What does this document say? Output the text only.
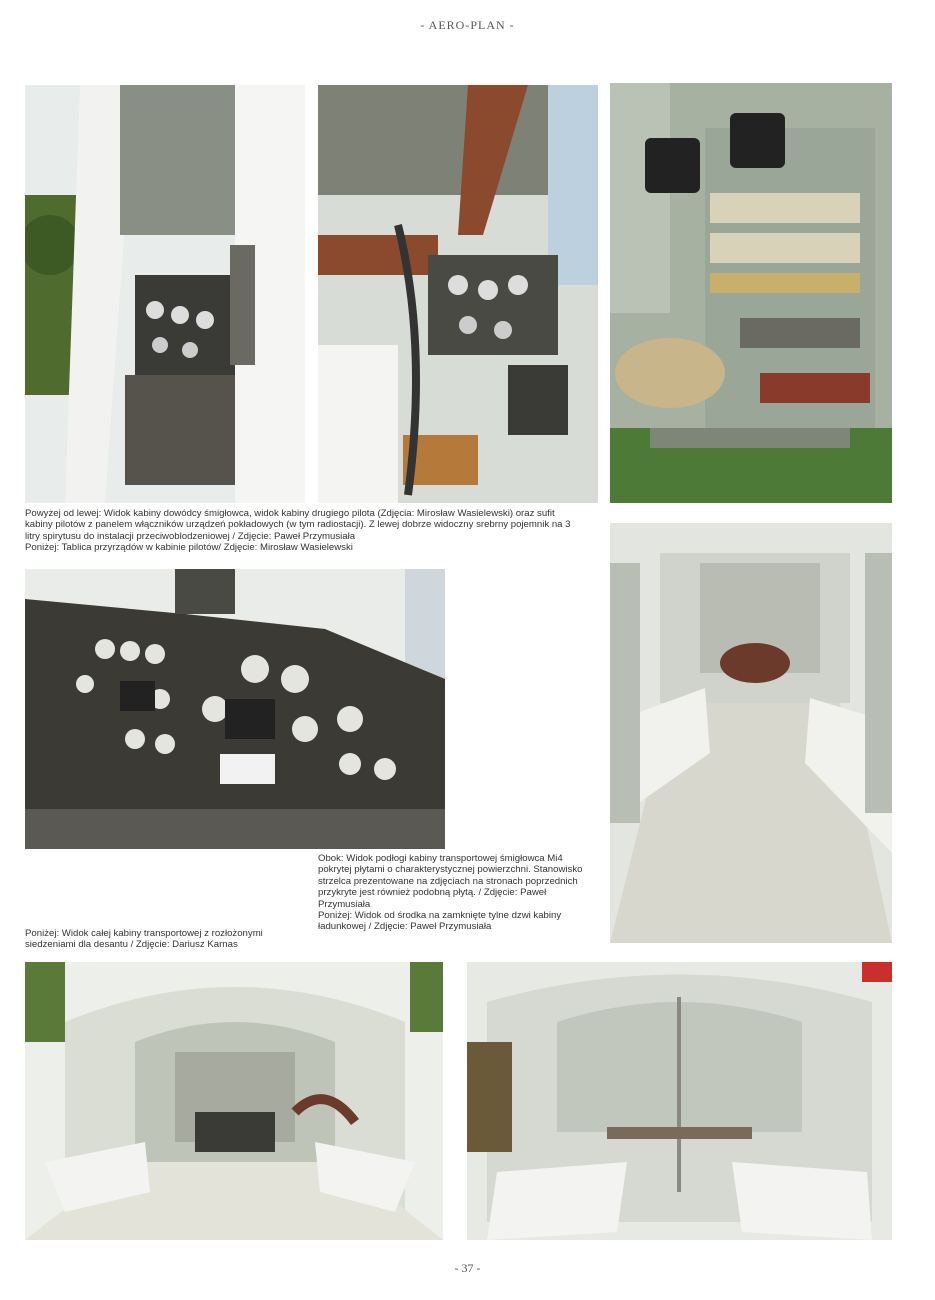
- AERO-PLAN -

Powyżej od lewej: Widok kabiny dowódcy śmigłowca, widok kabiny drugiego pilota (Zdjęcia: Mirosław Wasielewski) oraz sufit kabiny pilotów z panelem włączników urządzeń pokładowych (w tym radiostacji). Z lewej dobrze widoczny srebrny pojemnik na 3 litry spirytusu do instalacji przeciwoblodzeniowej / Zdjęcie: Paweł Przymusiała

Poniżej: Tablica przyrządów w kabinie pilotów/ Zdjęcie: Mirosław Wasielewski

Obok: Widok podłogi kabiny transportowej śmigłowca Mi4 pokrytej płytami o charakterystycznej powierzchni. Stanowisko strzelca prezentowane na zdjęciach na stronach poprzednich przykryte jest również podobną płytą. / Zdjęcie: Paweł Przymusiała

Poniżej: Widok od środka na zamknięte tylne dzwi kabiny ładunkowej / Zdjęcie: Paweł Przymusiała

Poniżej: Widok całej kabiny transportowej z rozłożonymi siedzeniami dla desantu / Zdjęcie: Dariusz Karnas

- 37 -
